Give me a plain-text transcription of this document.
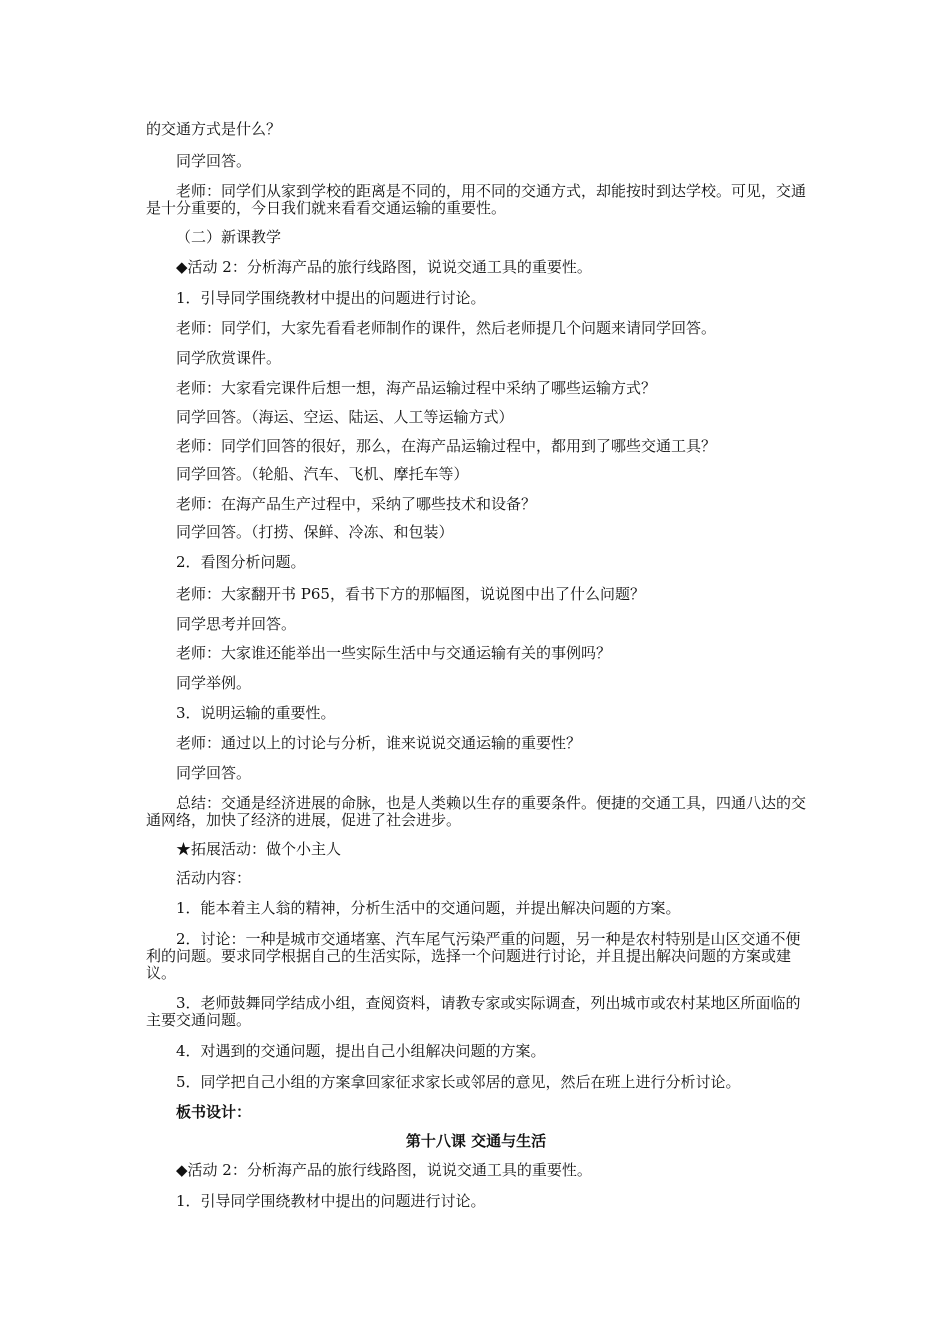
的交通方式是什么？
同学回答。
老师：同学们从家到学校的距离是不同的，用不同的交通方式，却能按时到达学校。可见，交通是十分重要的，今日我们就来看看交通运输的重要性。
（二）新课教学
◆活动 2：分析海产品的旅行线路图，说说交通工具的重要性。
1．引导同学围绕教材中提出的问题进行讨论。
老师：同学们，大家先看看老师制作的课件，然后老师提几个问题来请同学回答。
同学欣赏课件。
老师：大家看完课件后想一想，海产品运输过程中采纳了哪些运输方式？
同学回答。（海运、空运、陆运、人工等运输方式）
老师：同学们回答的很好，那么，在海产品运输过程中，都用到了哪些交通工具？
同学回答。（轮船、汽车、飞机、摩托车等）
老师：在海产品生产过程中，采纳了哪些技术和设备？
同学回答。（打捞、保鲜、冷冻、和包装）
2．看图分析问题。
老师：大家翻开书 P65，看书下方的那幅图，说说图中出了什么问题？
同学思考并回答。
老师：大家谁还能举出一些实际生活中与交通运输有关的事例吗？
同学举例。
3．说明运输的重要性。
老师：通过以上的讨论与分析，谁来说说交通运输的重要性？
同学回答。
总结：交通是经济进展的命脉，也是人类赖以生存的重要条件。便捷的交通工具，四通八达的交通网络，加快了经济的进展，促进了社会进步。
★拓展活动：做个小主人
活动内容：
1．能本着主人翁的精神，分析生活中的交通问题，并提出解决问题的方案。
2．讨论：一种是城市交通堵塞、汽车尾气污染严重的问题，另一种是农村特别是山区交通不便利的问题。要求同学根据自己的生活实际，选择一个问题进行讨论，并且提出解决问题的方案或建议。
3．老师鼓舞同学结成小组，查阅资料，请教专家或实际调查，列出城市或农村某地区所面临的主要交通问题。
4．对遇到的交通问题，提出自己小组解决问题的方案。
5．同学把自己小组的方案拿回家征求家长或邻居的意见，然后在班上进行分析讨论。
板书设计：
第十八课 交通与生活
◆活动 2：分析海产品的旅行线路图，说说交通工具的重要性。
1．引导同学围绕教材中提出的问题进行讨论。
